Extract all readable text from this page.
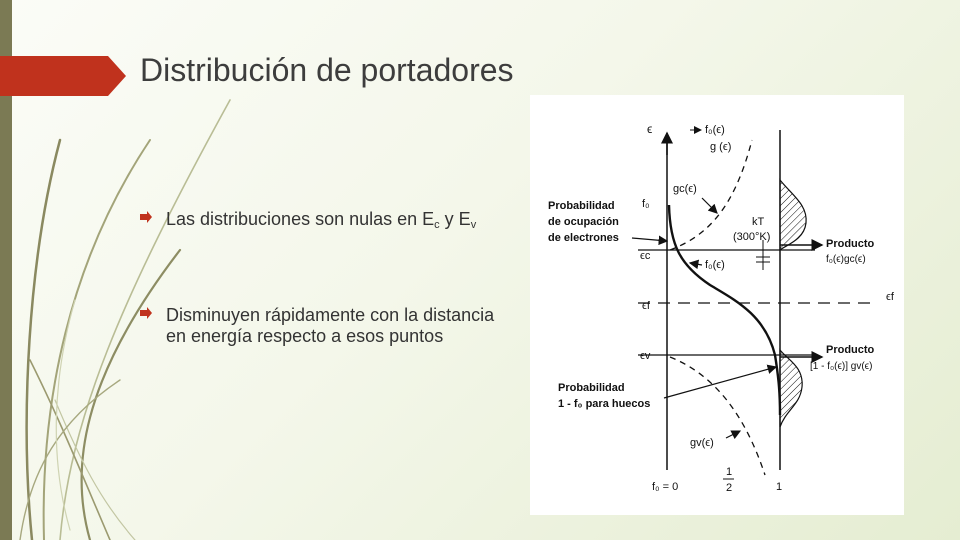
Distribución de portadores
Las distribuciones son nulas en $E_c$ y $E_v$
Disminuyen rápidamente con la distancia en energía respecto a esos puntos
ϵ	f₀(ϵ)
g (ϵ)
f₀
gc(ϵ)
Probabilidad
de ocupación
de electrones
kT
(300°K)
ϵc
f₀(ϵ)
ϵf
ϵf
ϵv
Producto
f₀(ϵ)gc(ϵ)
Producto
[1 - f₀(ϵ)] gv(ϵ)
Probabilidad
1 - f₀ para huecos
gv(ϵ)
f₀ = 0
1
2	1
